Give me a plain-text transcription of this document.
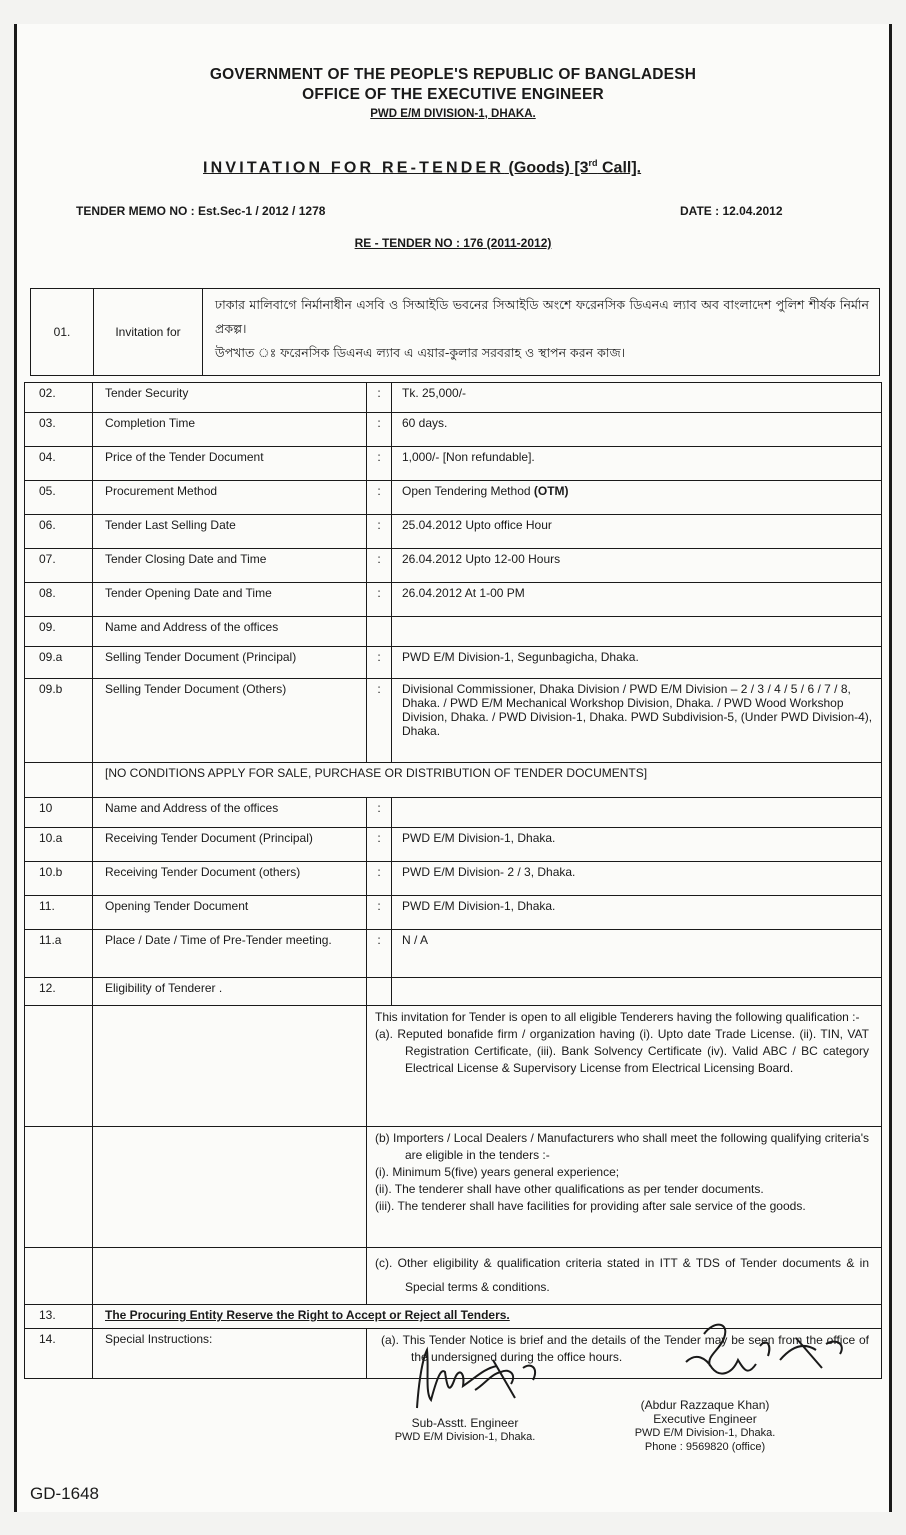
GOVERNMENT OF THE PEOPLE'S REPUBLIC OF BANGLADESH
OFFICE OF THE EXECUTIVE ENGINEER
PWD E/M DIVISION-1, DHAKA.
INVITATION FOR RE-TENDER (Goods) [3rd Call].
TENDER MEMO NO : Est.Sec-1 / 2012 / 1278	DATE : 12.04.2012
RE - TENDER NO : 176 (2011-2012)
01.	Invitation for	
ঢাকার মালিবাগে নির্মানাধীন এসবি ও সিআইডি ভবনের সিআইডি অংশে ফরেনসিক ডিএনএ ল্যাব অব বাংলাদেশ পুলিশ শীর্ষক নির্মান প্রকল্প।
উপখাত ঃ ফরেনসিক ডিএনএ ল্যাব এ এয়ার-কুলার সরবরাহ ও স্থাপন করন কাজ।
02.	Tender Security	:	Tk. 25,000/-
03.	Completion Time	:	60 days.
04.	Price of the Tender Document	:	1,000/- [Non refundable].
05.	Procurement Method	:	Open Tendering Method (OTM)
06.	Tender Last Selling Date	:	25.04.2012 Upto office Hour
07.	Tender Closing Date and Time	:	26.04.2012 Upto 12-00 Hours
08.	Tender Opening Date and Time	:	26.04.2012 At 1-00 PM
09.	Name and Address of the offices		
09.a	Selling Tender Document (Principal)	:	PWD E/M Division-1, Segunbagicha, Dhaka.
09.b	Selling Tender Document (Others)	:	Divisional Commissioner, Dhaka Division / PWD E/M Division – 2 / 3 / 4 / 5 / 6 / 7 / 8, Dhaka. / PWD E/M Mechanical Workshop Division, Dhaka. / PWD Wood Workshop Division, Dhaka. / PWD Division-1, Dhaka. PWD Subdivision-5, (Under PWD Division-4), Dhaka.
	[NO CONDITIONS APPLY FOR SALE, PURCHASE OR DISTRIBUTION OF TENDER DOCUMENTS]		
10	Name and Address of the offices	:	
10.a	Receiving Tender Document (Principal)	:	PWD E/M Division-1, Dhaka.
10.b	Receiving Tender Document (others)	:	PWD E/M Division- 2 / 3, Dhaka.
11.	Opening Tender Document	:	PWD E/M Division-1, Dhaka.
11.a	Place / Date / Time of Pre-Tender meeting.	:	N / A
12.	Eligibility of Tenderer .		

		This invitation for Tender is open to all eligible Tenderers having the following qualification :-
(a). Reputed bonafide firm / organization having (i). Upto date Trade License. (ii). TIN, VAT Registration Certificate, (iii). Bank Solvency Certificate (iv). Valid ABC / BC category Electrical License & Supervisory License from Electrical Licensing Board.	

		(b) Importers / Local Dealers / Manufacturers who shall meet the following qualifying criteria's are eligible in the tenders :-
(i). Minimum 5(five) years general experience;
(ii). The tenderer shall have other qualifications as per tender documents.
(iii). The tenderer shall have facilities for providing after sale service of the goods.	

		(c). Other eligibility & qualification criteria stated in ITT & TDS of Tender documents & in Special terms & conditions.	

13.	The Procuring Entity Reserve the Right to Accept or Reject all Tenders.		
14.	Special Instructions:	(a). This Tender Notice is brief and the details of the Tender may be seen from the office of the undersigned during the office hours.	
Sub-Asstt. Engineer
PWD E/M Division-1, Dhaka.
(Abdur Razzaque Khan)
Executive Engineer
PWD E/M Division-1, Dhaka.
Phone : 9569820 (office)
GD-1648
